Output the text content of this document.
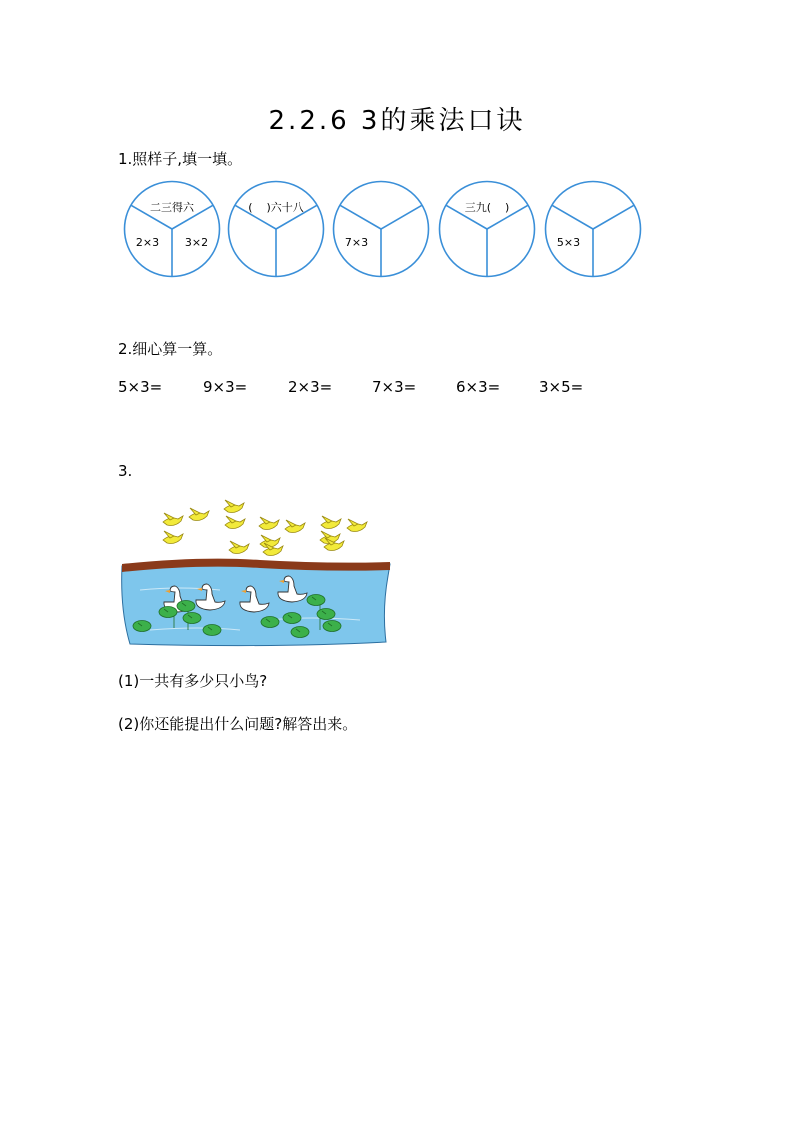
2.2.6 3的乘法口诀
1.照样子,填一填。
二三得六
2×3	3×2
(    )六十八
7×3
三九(    )
5×3
2.细心算一算。
5×3=	9×3=	2×3=	7×3=	6×3=	3×5=
3.
(1)一共有多少只小鸟?
(2)你还能提出什么问题?解答出来。
